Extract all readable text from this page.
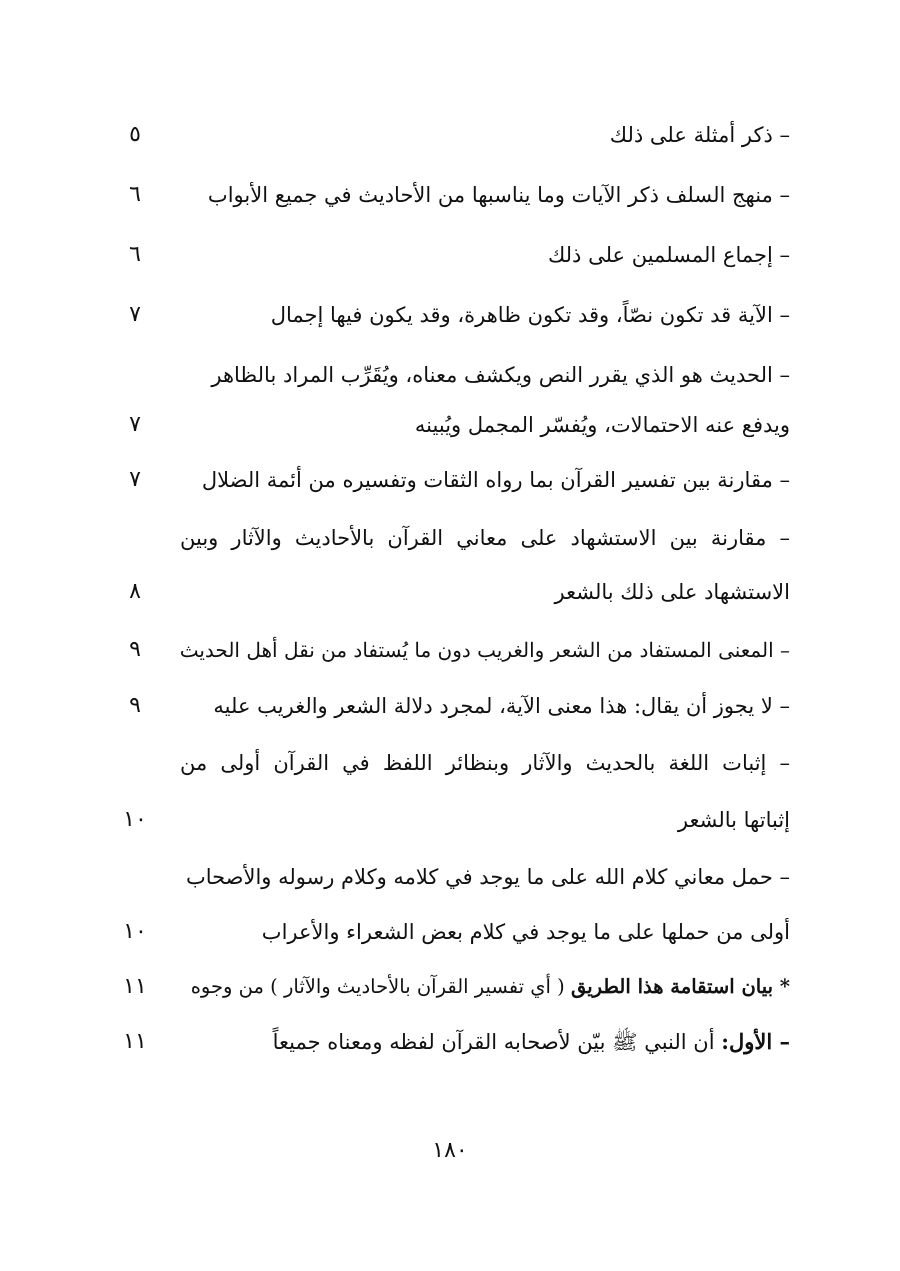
– ذكر أمثلة على ذلك
٥
– منهج السلف ذكر الآيات وما يناسبها من الأحاديث في جميع الأبواب
٦
– إجماع المسلمين على ذلك
٦
– الآية قد تكون نصّاً، وقد تكون ظاهرة، وقد يكون فيها إجمال
٧
– الحديث هو الذي يقرر النص ويكشف معناه، ويُقَرِّب المراد بالظاهر
ويدفع عنه الاحتمالات، ويُفسّر المجمل ويُبينه
٧
– مقارنة بين تفسير القرآن بما رواه الثقات وتفسيره من أئمة الضلال
٧
– مقارنة بين الاستشهاد على معاني القرآن بالأحاديث والآثار وبين
الاستشهاد على ذلك بالشعر
٨
– المعنى المستفاد من الشعر والغريب دون ما يُستفاد من نقل أهل الحديث
٩
– لا يجوز أن يقال: هذا معنى الآية، لمجرد دلالة الشعر والغريب عليه
٩
– إثبات اللغة بالحديث والآثار وبنظائر اللفظ في القرآن أولى من
إثباتها بالشعر
١٠
– حمل معاني كلام الله على ما يوجد في كلامه وكلام رسوله والأصحاب
أولى من حملها على ما يوجد في كلام بعض الشعراء والأعراب
١٠
* بيان استقامة هذا الطريق ( أي تفسير القرآن بالأحاديث والآثار ) من وجوه
١١
– الأول: أن النبي ﷺ بيّن لأصحابه القرآن لفظه ومعناه جميعاً
١١
١٨٠
